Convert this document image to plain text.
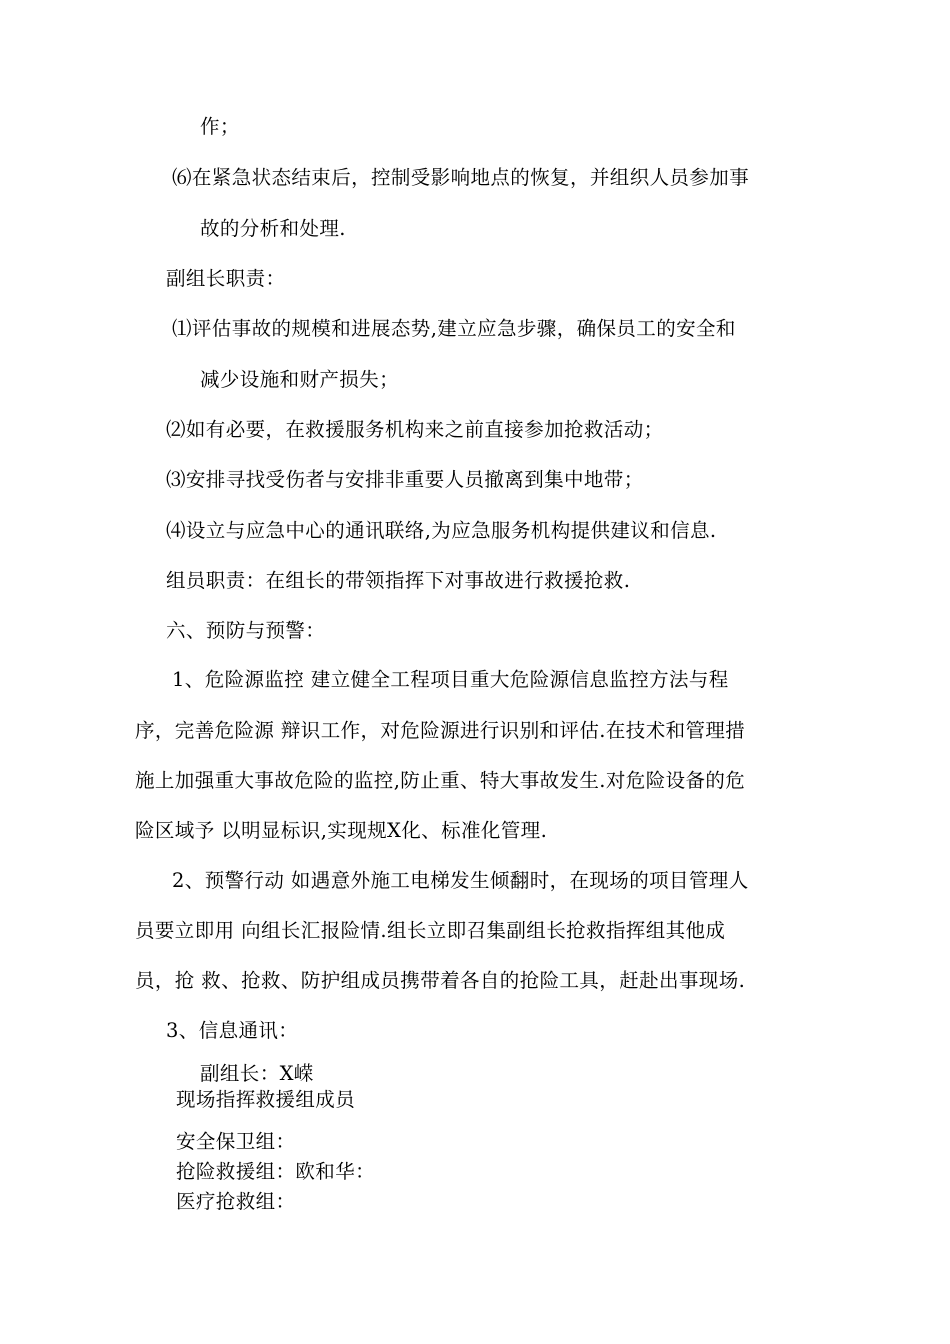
作；
⑹在紧急状态结束后，控制受影响地点的恢复，并组织人员参加事
故的分析和处理.
副组长职责：
⑴评估事故的规模和进展态势,建立应急步骤，确保员工的安全和
减少设施和财产损失；
⑵如有必要，在救援服务机构来之前直接参加抢救活动；
⑶安排寻找受伤者与安排非重要人员撤离到集中地带；
⑷设立与应急中心的通讯联络,为应急服务机构提供建议和信息.
组员职责：在组长的带领指挥下对事故进行救援抢救.
六、预防与预警：
1、危险源监控 建立健全工程项目重大危险源信息监控方法与程
序，完善危险源 辩识工作，对危险源进行识别和评估.在技术和管理措
施上加强重大事故危险的监控,防止重、特大事故发生.对危险设备的危
险区域予 以明显标识,实现规X化、标准化管理.
2、预警行动 如遇意外施工电梯发生倾翻时，在现场的项目管理人
员要立即用 向组长汇报险情.组长立即召集副组长抢救指挥组其他成
员，抢 救、抢救、防护组成员携带着各自的抢险工具，赶赴出事现场.
3、信息通讯：
副组长：X嵘
现场指挥救援组成员
安全保卫组：
抢险救援组：欧和华：
医疗抢救组：
